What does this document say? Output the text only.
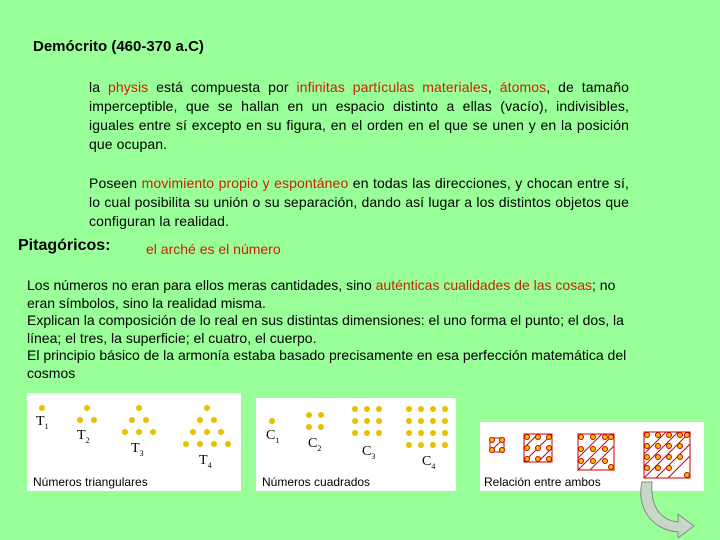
Demócrito (460-370 a.C)
la physis está compuesta por infinitas partículas materiales, átomos, de tamaño imperceptible, que se hallan en un espacio distinto a ellas (vacío), indivisibles, iguales entre sí excepto en su figura, en el orden en el que se unen y en la posición que ocupan.
Poseen movimiento propio y espontáneo en todas las direcciones, y chocan entre sí, lo cual posibilita su unión o su separación, dando así lugar a los distintos objetos que configuran la realidad.
Pitagóricos:	el arché es el número
Los números no eran para ellos meras cantidades, sino auténticas cualidades de las cosas; no eran símbolos, sino la realidad misma.
Explican la composición de lo real en sus distintas dimensiones: el uno forma el punto; el dos, la línea; el tres, la superficie; el cuatro, el cuerpo.
El principio básico de la armonía estaba basado precisamente en esa perfección matemática del cosmos
$T_1$
$T_2$
$T_3$	$T_4$
Números triangulares
$C_1$ $C_2$	$C_3$	$C_4$
Números cuadrados	Relación entre ambos
